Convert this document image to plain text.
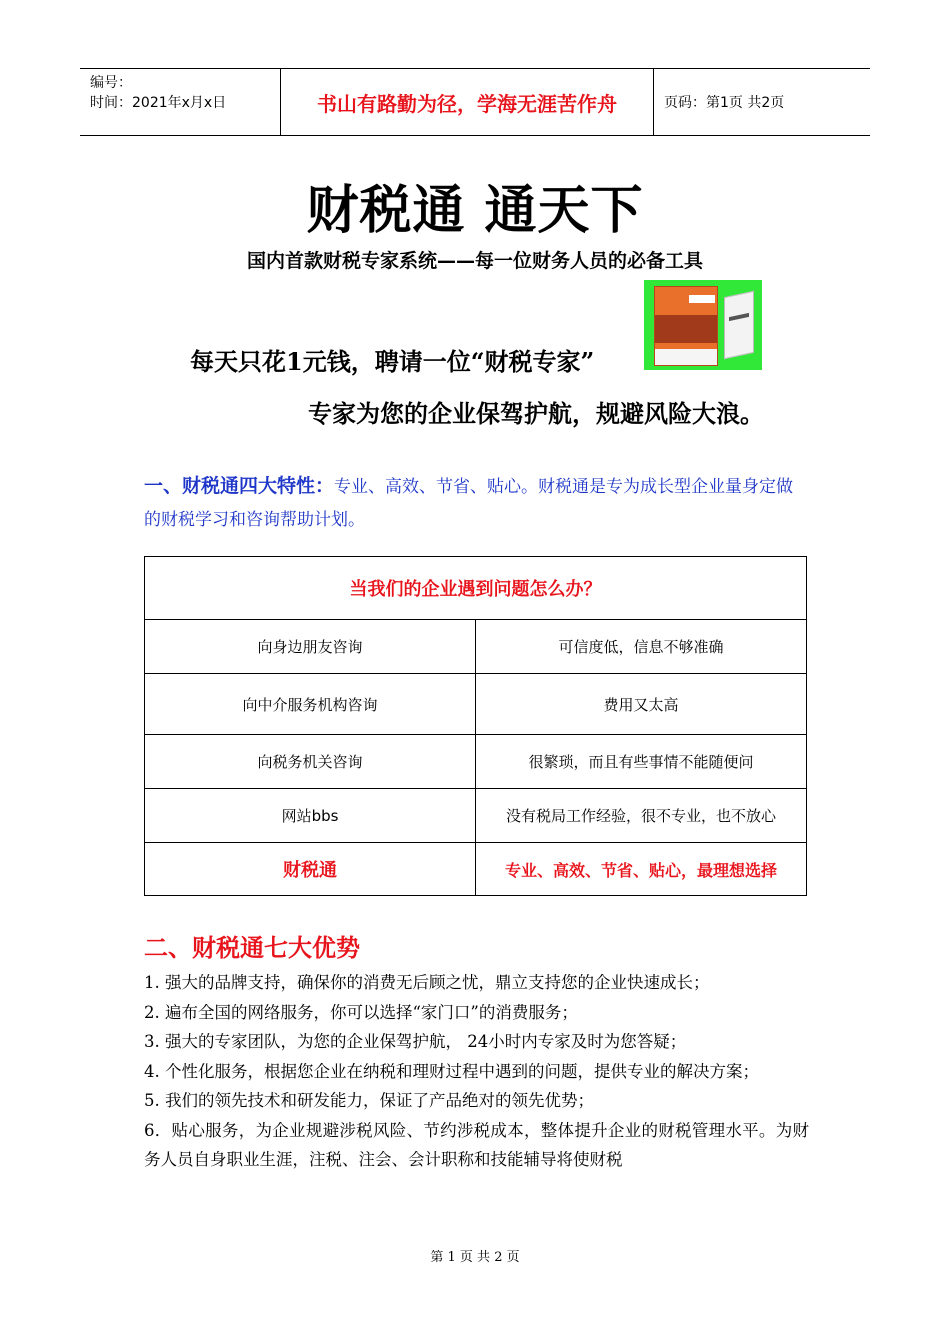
编号：
时间：2021年x月x日	书山有路勤为径，学海无涯苦作舟	页码：第1页 共2页
财税通 通天下
国内首款财税专家系统——每一位财务人员的必备工具
每天只花1元钱，聘请一位“财税专家”
专家为您的企业保驾护航，规避风险大浪。
一、财税通四大特性：专业、高效、节省、贴心。财税通是专为成长型企业量身定做的财税学习和咨询帮助计划。
当我们的企业遇到问题怎么办？	
向身边朋友咨询	可信度低，信息不够准确
向中介服务机构咨询	费用又太高
向税务机关咨询	很繁琐，而且有些事情不能随便问
网站bbs	没有税局工作经验，很不专业，也不放心
财税通	专业、高效、节省、贴心，最理想选择
二、财税通七大优势
1. 强大的品牌支持，确保你的消费无后顾之忧，鼎立支持您的企业快速成长；
2. 遍布全国的网络服务，你可以选择“家门口”的消费服务；
3. 强大的专家团队，为您的企业保驾护航， 24小时内专家及时为您答疑；
4. 个性化服务，根据您企业在纳税和理财过程中遇到的问题，提供专业的解决方案；
5. 我们的领先技术和研发能力，保证了产品绝对的领先优势；
6．贴心服务，为企业规避涉税风险、节约涉税成本，整体提升企业的财税管理水平。为财务人员自身职业生涯，注税、注会、会计职称和技能辅导将使财税
第 1 页 共 2 页
